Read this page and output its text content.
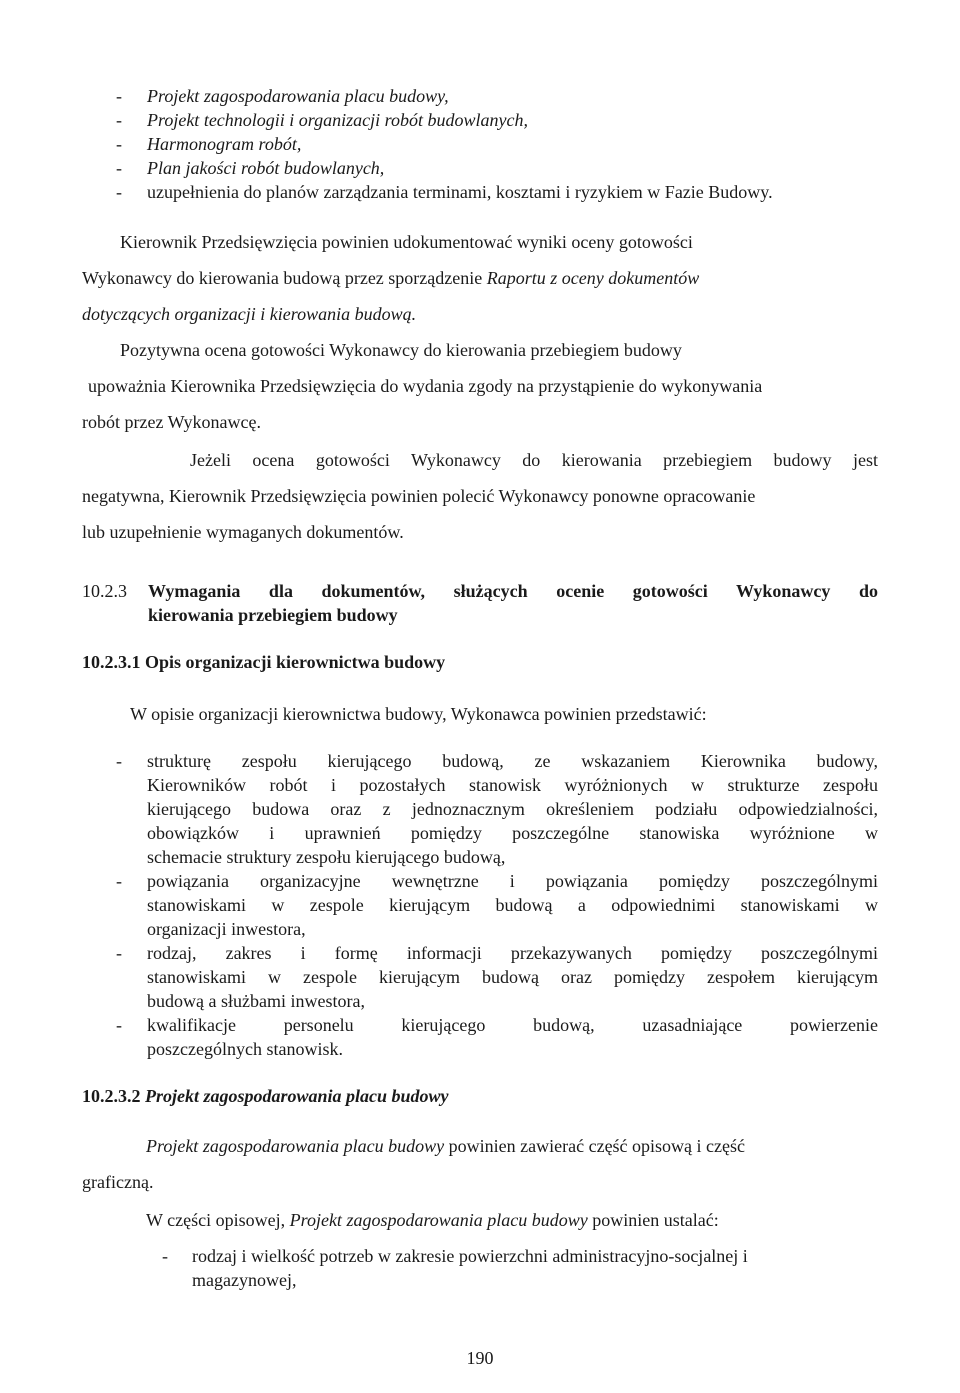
- Projekt zagospodarowania placu budowy,
- Projekt technologii i organizacji robót budowlanych,
- Harmonogram robót,
- Plan jakości robót budowlanych,
- uzupełnienia do planów zarządzania terminami, kosztami i ryzykiem w Fazie Budowy.
Kierownik Przedsięwzięcia powinien udokumentować wyniki oceny gotowości
Wykonawcy do kierowania budową przez sporządzenie Raportu z oceny dokumentów
dotyczących organizacji i kierowania budową.
Pozytywna ocena gotowości Wykonawcy do kierowania przebiegiem budowy
upoważnia Kierownika Przedsięwzięcia do wydania zgody na przystąpienie do wykonywania
robót przez Wykonawcę.
Jeżeli ocena gotowości Wykonawcy do kierowania przebiegiem budowy jest
negatywna, Kierownik Przedsięwzięcia powinien polecić Wykonawcy ponowne opracowanie
lub uzupełnienie wymaganych dokumentów.
10.2.3 Wymagania dla dokumentów, służących ocenie gotowości Wykonawcy do
kierowania przebiegiem budowy
10.2.3.1 Opis organizacji kierownictwa budowy
W opisie organizacji kierownictwa budowy, Wykonawca powinien przedstawić:
- strukturę zespołu kierującego budową, ze wskazaniem Kierownika budowy,
Kierowników robót i pozostałych stanowisk wyróżnionych w strukturze zespołu
kierującego budowa oraz z jednoznacznym określeniem podziału odpowiedzialności,
obowiązków i uprawnień pomiędzy poszczególne stanowiska wyróżnione w
schemacie struktury zespołu kierującego budową,
- powiązania organizacyjne wewnętrzne i powiązania pomiędzy poszczególnymi
stanowiskami w zespole kierującym budową a odpowiednimi stanowiskami w
organizacji inwestora,
- rodzaj, zakres i formę informacji przekazywanych pomiędzy poszczególnymi
stanowiskami w zespole kierującym budową oraz pomiędzy zespołem kierującym
budową a służbami inwestora,
- kwalifikacje personelu kierującego budową, uzasadniające powierzenie
poszczególnych stanowisk.
10.2.3.2 Projekt zagospodarowania placu budowy
Projekt zagospodarowania placu budowy powinien zawierać część opisową i część
graficzną.
W części opisowej, Projekt zagospodarowania placu budowy powinien ustalać:
- rodzaj i wielkość potrzeb w zakresie powierzchni administracyjno-socjalnej i
magazynowej,
190
